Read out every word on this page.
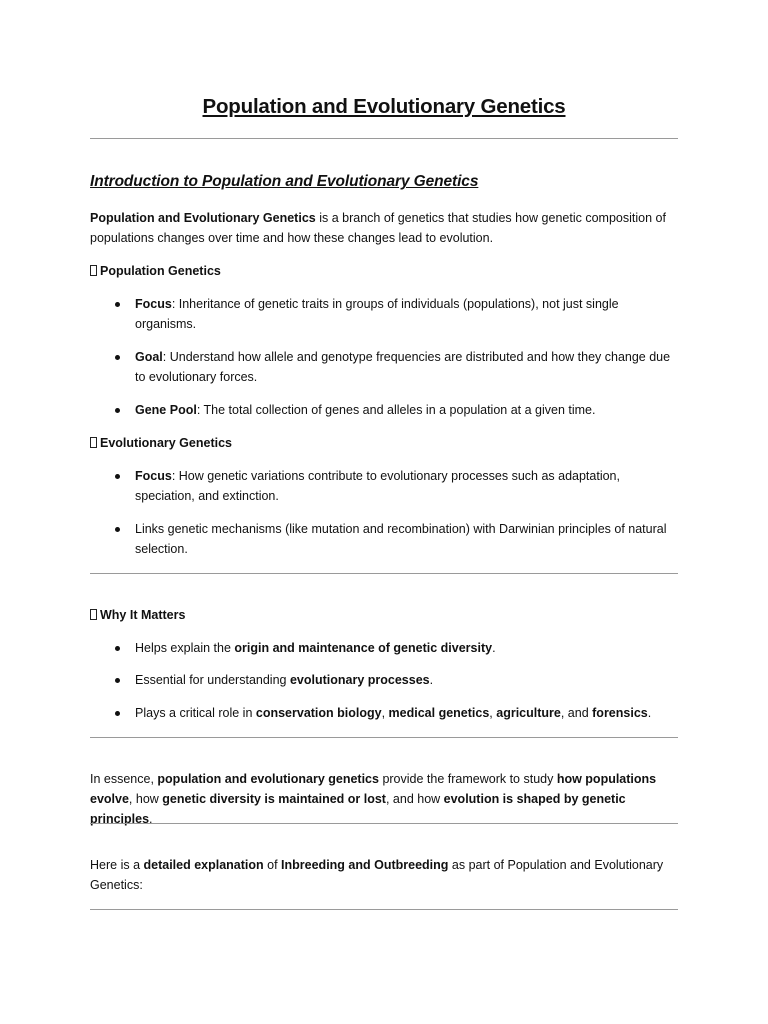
Population and Evolutionary Genetics
Introduction to Population and Evolutionary Genetics

Population and Evolutionary Genetics is a branch of genetics that studies how genetic composition of populations changes over time and how these changes lead to evolution.

Population Genetics

Focus: Inheritance of genetic traits in groups of individuals (populations), not just single organisms.
Goal: Understand how allele and genotype frequencies are distributed and how they change due to evolutionary forces.
Gene Pool: The total collection of genes and alleles in a population at a given time.

Evolutionary Genetics

Focus: How genetic variations contribute to evolutionary processes such as adaptation, speciation, and extinction.
Links genetic mechanisms (like mutation and recombination) with Darwinian principles of natural selection.

Why It Matters

Helps explain the origin and maintenance of genetic diversity.
Essential for understanding evolutionary processes.
Plays a critical role in conservation biology, medical genetics, agriculture, and forensics.

In essence, population and evolutionary genetics provide the framework to study how populations evolve, how genetic diversity is maintained or lost, and how evolution is shaped by genetic principles.

Here is a detailed explanation of Inbreeding and Outbreeding as part of Population and Evolutionary Genetics:
